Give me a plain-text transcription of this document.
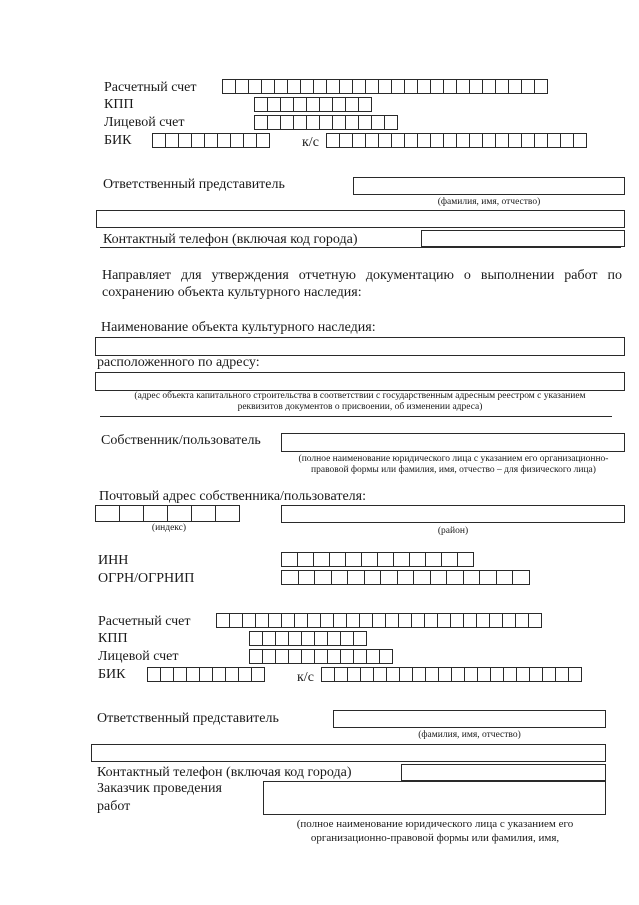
Расчетный счет
КПП
Лицевой счет
БИК	к/с
Ответственный представитель
(фамилия, имя, отчество)
Контактный телефон (включая код города)
Направляет для утверждения отчетную документацию о выполнении работ по сохранению объекта культурного наследия:
Наименование объекта культурного наследия:
расположенного по адресу:
(адрес объекта капитального строительства в соответствии с государственным адресным реестром с указанием реквизитов документов о присвоении, об изменении адреса)
Собственник/пользователь
(полное наименование юридического лица с указанием его организационно-правовой формы или фамилия, имя, отчество – для физического лица)
Почтовый адрес собственника/пользователя:
(индекс)	(район)
ИНН
ОГРН/ОГРНИП
Расчетный счет
КПП
Лицевой счет
БИК	к/с
Ответственный представитель
(фамилия, имя, отчество)
Контактный телефон (включая код города)
Заказчик проведения
работ
(полное наименование юридического лица с указанием его организационно-правовой формы или фамилия, имя,
